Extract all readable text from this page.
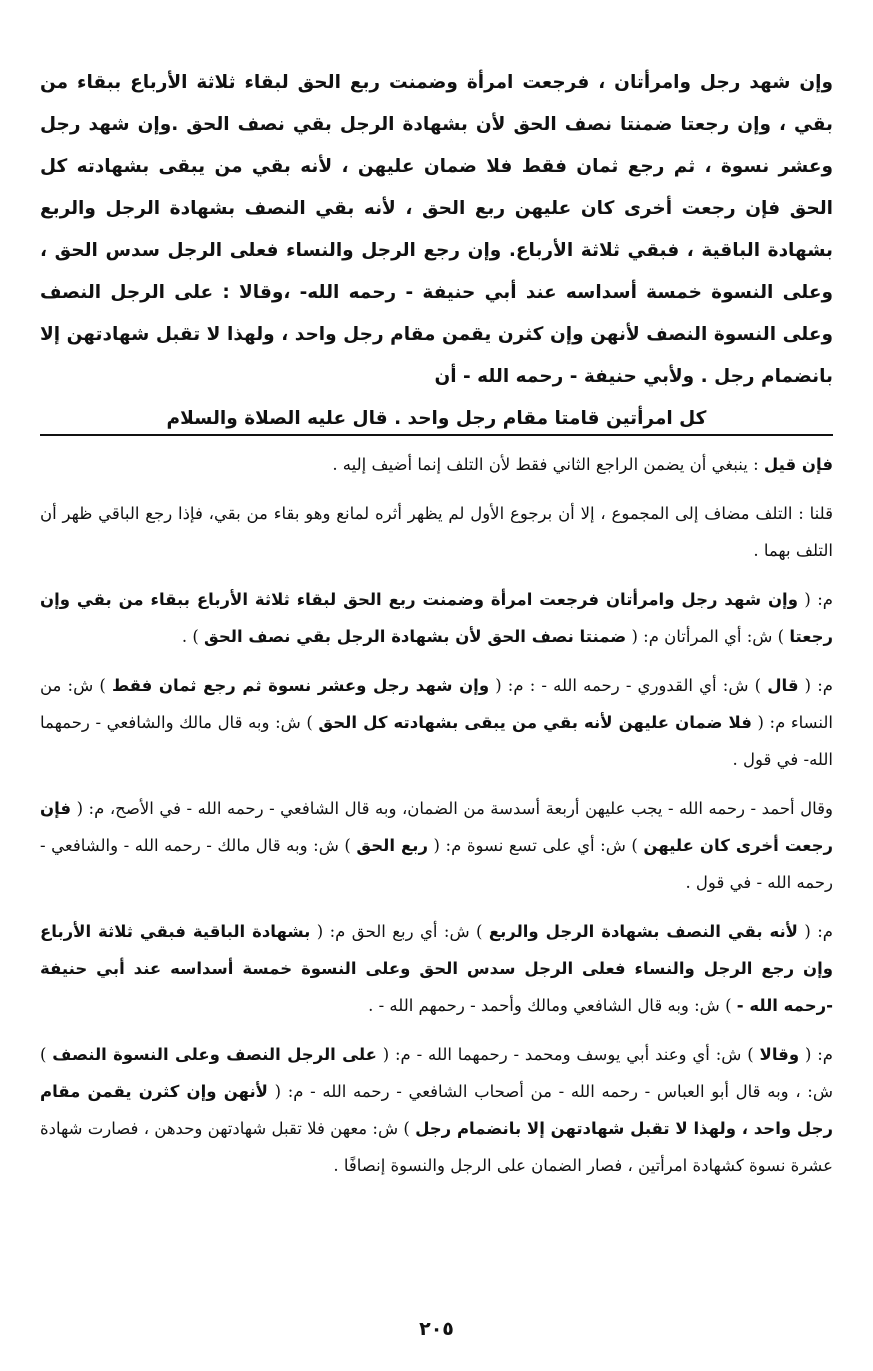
وإن شهد رجل وامرأتان ، فرجعت امرأة وضمنت ربع الحق لبقاء ثلاثة الأرباع ببقاء من بقي ، وإن رجعتا ضمنتا نصف الحق لأن بشهادة الرجل بقي نصف الحق .وإن شهد رجل وعشر نسوة ، ثم رجع ثمان فقط فلا ضمان عليهن ، لأنه بقي من يبقى بشهادته كل الحق فإن رجعت أخرى كان عليهن ربع الحق ، لأنه بقي النصف بشهادة الرجل والربع بشهادة الباقية ، فبقي ثلاثة الأرباع. وإن رجع الرجل والنساء فعلى الرجل سدس الحق ، وعلى النسوة خمسة أسداسه عند أبي حنيفة - رحمه الله- ،وقالا : على الرجل النصف وعلى النسوة النصف لأنهن وإن كثرن يقمن مقام رجل واحد ، ولهذا لا تقبل شهادتهن إلا بانضمام رجل . ولأبي حنيفة - رحمه الله - أن

كل امرأتين قامتا مقام رجل واحد . قال عليه الصلاة والسلام

فإن قيل : ينبغي أن يضمن الراجع الثاني فقط لأن التلف إنما أضيف إليه .

قلنا : التلف مضاف إلى المجموع ، إلا أن برجوع الأول لم يظهر أثره لمانع وهو بقاء من بقي، فإذا رجع الباقي ظهر أن التلف بهما .

م: ( وإن شهد رجل وامرأتان فرجعت امرأة وضمنت ربع الحق لبقاء ثلاثة الأرباع ببقاء من بقي وإن رجعتا ) ش: أي المرأتان م: ( ضمنتا نصف الحق لأن بشهادة الرجل بقي نصف الحق ) .

م: ( قال ) ش: أي القدوري - رحمه الله - : م: ( وإن شهد رجل وعشر نسوة ثم رجع ثمان فقط ) ش: من النساء م: ( فلا ضمان عليهن لأنه بقي من يبقى بشهادته كل الحق ) ش: وبه قال مالك والشافعي - رحمهما الله- في قول .

وقال أحمد - رحمه الله - يجب عليهن أربعة أسدسة من الضمان، وبه قال الشافعي - رحمه الله - في الأصح، م: ( فإن رجعت أخرى كان عليهن ) ش: أي على تسع نسوة م: ( ربع الحق ) ش: وبه قال مالك - رحمه الله - والشافعي - رحمه الله - في قول .

م: ( لأنه بقي النصف بشهادة الرجل والربع ) ش: أي ربع الحق م: ( بشهادة الباقية فبقي ثلاثة الأرباع وإن رجع الرجل والنساء فعلى الرجل سدس الحق وعلى النسوة خمسة أسداسه عند أبي حنيفة -رحمه الله - ) ش: وبه قال الشافعي ومالك وأحمد - رحمهم الله - .

م: ( وقالا ) ش: أي وعند أبي يوسف ومحمد - رحمهما الله - م: ( على الرجل النصف وعلى النسوة النصف ) ش: ، وبه قال أبو العباس - رحمه الله - من أصحاب الشافعي - رحمه الله - م: ( لأنهن وإن كثرن يقمن مقام رجل واحد ، ولهذا لا تقبل شهادتهن إلا بانضمام رجل ) ش: معهن فلا تقبل شهادتهن وحدهن ، فصارت شهادة عشرة نسوة كشهادة امرأتين ، فصار الضمان على الرجل والنسوة إنصافًا .

٢٠٥
